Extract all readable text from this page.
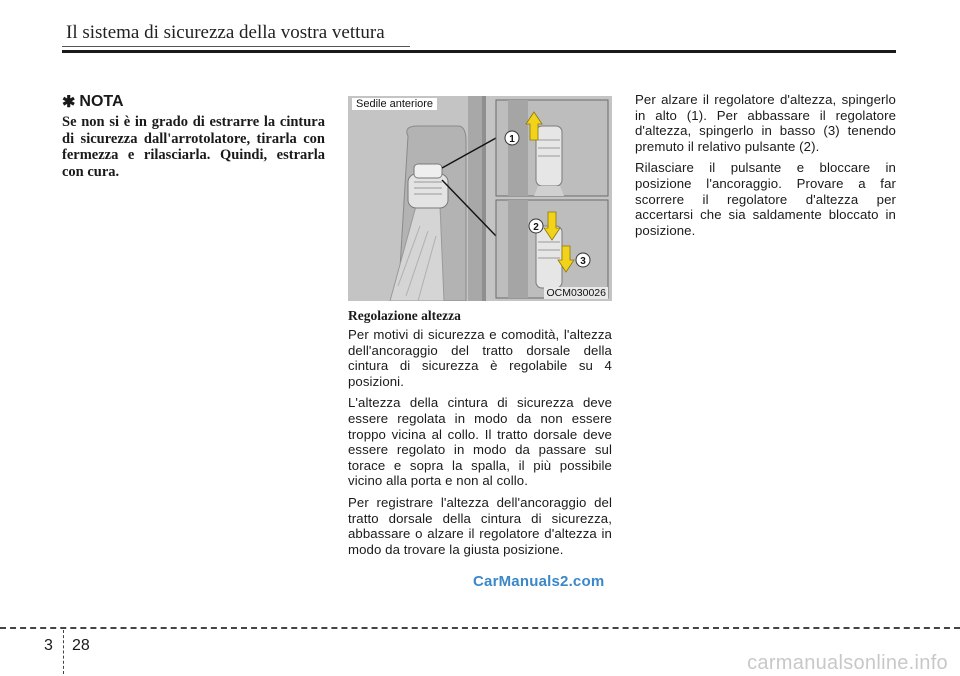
Il sistema di sicurezza della vostra vettura
✱ NOTA

Se non si è in grado di estrarre la cintura di sicurezza dall'arrotolatore, tirarla con fermezza e rilasciarla. Quindi, estrarla con cura.

1
2
3
Sedile anteriore
OCM030026

Regolazione altezza

Per motivi di sicurezza e comodità, l'altezza dell'ancoraggio del tratto dorsale della cintura di sicurezza è regolabile su 4 posizioni.

L'altezza della cintura di sicurezza deve essere regolata in modo da non essere troppo vicina al collo. Il tratto dorsale deve essere regolato in modo da passare sul torace e sopra la spalla, il più possibile vicino alla porta e non al collo.

Per registrare l'altezza dell'ancoraggio del tratto dorsale della cintura di sicurezza, abbassare o alzare il regolatore d'altezza in modo da trovare la giusta posizione.

Per alzare il regolatore d'altezza, spingerlo in alto (1). Per abbassare il regolatore d'altezza, spingerlo in basso (3) tenendo premuto il relativo pulsante (2).

Rilasciare il pulsante e bloccare in posizione l'ancoraggio. Provare a far scorrere il regolatore d'altezza per accertarsi che sia saldamente bloccato in posizione.

CarManuals2.com
3 28
carmanualsonline.info
